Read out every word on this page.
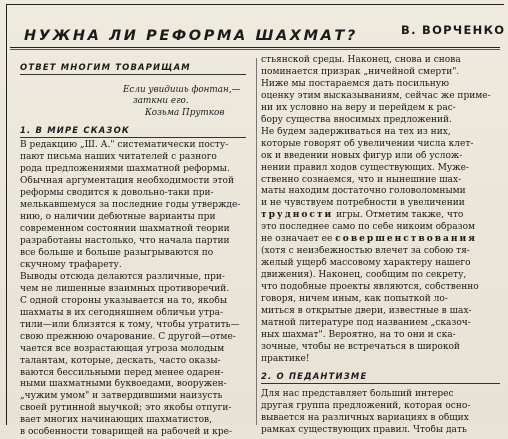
НУЖНА ЛИ РЕФОРМА ШАХМАТ?	В. ВОРЧЕНКО
ОТВЕТ МНОГИМ ТОВАРИЩАМ
Если увидишь фонтан,—
заткни его.
Козьма Прутков
1. В МИРЕ СКАЗОК
В редакцию „Ш. А." систематически посту-
пают письма наших читателей с разного
рода предложениями шахматной реформы.
Обычная аргументация необходимости этой
реформы сводится к довольно-таки при-
мелькавшемуся за последние годы утвержде-
нию, о наличии дебютные варианты при
современном состоянии шахматной теории
разработаны настолько, что начала партии
все больше и больше разыгрываются по
скучному трафарету.
Выводы отсюда делаются различные, при-
чем не лишенные взаимных противоречий.
С одной стороны указывается на то, якобы
шахматы в их сегодняшнем обличьи утра-
тили—или близятся к тому, чтобы утратить—
свою прежнюю очарование. С другой—отме-
чается все возрастающая угроза молодым
талантам, которые, дескать, часто оказы-
ваются бессильными перед менее одарен-
ными шахматными буквоедами, вооружен-
„чужим умом" и затвердившими наизусть
своей рутинной выучкой; это якобы отпуги-
вает многих начинающих шахматистов,
в особенности товарищей на рабочей и кре-
стьянской среды. Наконец, снова и снова
поминается призрак „ничейной смерти".
Ниже мы постараемся дать посильную
оценку этим высказываниям, сейчас же приме-
ни их условно на веру и перейдем к рас-
бору существа вносимых предложений.
Не будем задерживаться на тех из них,
которые говорят об увеличении числа клет-
ок и введении новых фигур или об услож-
нении правил ходов существующих. Муже-
ственно сознаемся, что и нынешние шах-
маты находим достаточно головоломными
и не чувствуем потребности в увеличении
трудности игры. Отметим также, что
это последнее само по себе никоим образом
не означает ее совершенствования
(хотя с неизбежностью влечет за собою тя-
желый ущерб массовому характеру нашего
движения). Наконец, сообщим по секрету,
что подобные проекты являются, собственно
говоря, ничем иным, как попыткой ло-
миться в открытые двери, известные в шах-
матной литературе под названием „сказоч-
ных шахмат". Вероятно, на то они и ска-
зочные, чтобы не встречаться в широкой
практике!
2. О ПЕДАНТИЗМЕ
Для нас представляет больший интерес
другая группа предложений, которая осно-
вывается на различных вариациях в общих
рамках существующих правил. Чтобы дать
